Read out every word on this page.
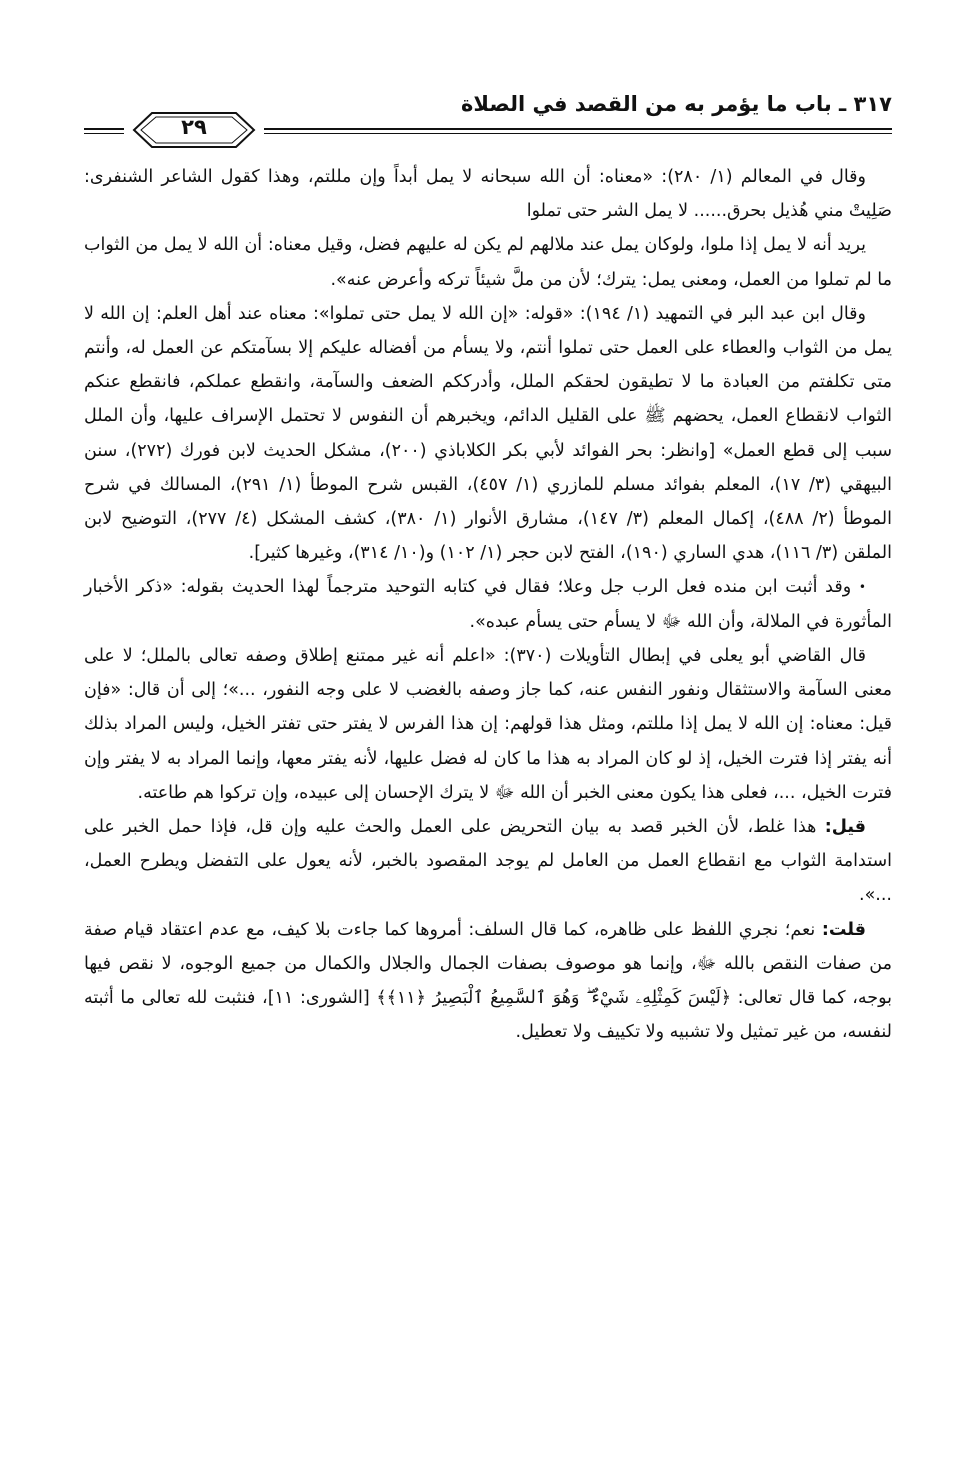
٣١٧ ـ باب ما يؤمر به من القصد في الصلاة
٢٩

وقال في المعالم (١/ ٢٨٠): «معناه: أن الله سبحانه لا يمل أبداً وإن مللتم، وهذا كقول الشاعر الشنفرى: صَلِيتْ مني هُذيل بحرق...... لا يمل الشر حتى تملوا

يريد أنه لا يمل إذا ملوا، ولوكان يمل عند ملالهم لم يكن له عليهم فضل، وقيل معناه: أن الله لا يمل من الثواب ما لم تملوا من العمل، ومعنى يمل: يترك؛ لأن من ملَّ شيئاً تركه وأعرض عنه».

وقال ابن عبد البر في التمهيد (١/ ١٩٤): «قوله: «إن الله لا يمل حتى تملوا»: معناه عند أهل العلم: إن الله لا يمل من الثواب والعطاء على العمل حتى تملوا أنتم، ولا يسأم من أفضاله عليكم إلا بسآمتكم عن العمل له، وأنتم متى تكلفتم من العبادة ما لا تطيقون لحقكم الملل، وأدرككم الضعف والسآمة، وانقطع عملكم، فانقطع عنكم الثواب لانقطاع العمل، يحضهم ﷺ على القليل الدائم، ويخبرهم أن النفوس لا تحتمل الإسراف عليها، وأن الملل سبب إلى قطع العمل» [وانظر: بحر الفوائد لأبي بكر الكلاباذي (٢٠٠)، مشكل الحديث لابن فورك (٢٧٢)، سنن البيهقي (٣/ ١٧)، المعلم بفوائد مسلم للمازري (١/ ٤٥٧)، القبس شرح الموطأ (١/ ٢٩١)، المسالك في شرح الموطأ (٢/ ٤٨٨)، إكمال المعلم (٣/ ١٤٧)، مشارق الأنوار (١/ ٣٨٠)، كشف المشكل (٤/ ٢٧٧)، التوضيح لابن الملقن (٣/ ١١٦)، هدي الساري (١٩٠)، الفتح لابن حجر (١/ ١٠٢) و(١٠/ ٣١٤)، وغيرها كثير].

• وقد أثبت ابن منده فعل الرب جل وعلا؛ فقال في كتابه التوحيد مترجماً لهذا الحديث بقوله: «ذكر الأخبار المأثورة في الملالة، وأن الله ﷻ لا يسأم حتى يسأم عبده».

قال القاضي أبو يعلى في إبطال التأويلات (٣٧٠): «اعلم أنه غير ممتنع إطلاق وصفه تعالى بالملل؛ لا على معنى السآمة والاستثقال ونفور النفس عنه، كما جاز وصفه بالغضب لا على وجه النفور، ...»؛ إلى أن قال: «فإن قيل: معناه: إن الله لا يمل إذا مللتم، ومثل هذا قولهم: إن هذا الفرس لا يفتر حتى تفتر الخيل، وليس المراد بذلك أنه يفتر إذا فترت الخيل، إذ لو كان المراد به هذا ما كان له فضل عليها، لأنه يفتر معها، وإنما المراد به لا يفتر وإن فترت الخيل، ...، فعلى هذا يكون معنى الخبر أن الله ﷻ لا يترك الإحسان إلى عبيده، وإن تركوا هم طاعته.

قيل: هذا غلط، لأن الخبر قصد به بيان التحريض على العمل والحث عليه وإن قل، فإذا حمل الخبر على استدامة الثواب مع انقطاع العمل من العامل لم يوجد المقصود بالخبر، لأنه يعول على التفضل ويطرح العمل، ...».

قلت: نعم؛ نجري اللفظ على ظاهره، كما قال السلف: أمروها كما جاءت بلا كيف، مع عدم اعتقاد قيام صفة من صفات النقص بالله ﷻ، وإنما هو موصوف بصفات الجمال والجلال والكمال من جميع الوجوه، لا نقص فيها بوجه، كما قال تعالى: ﴿لَيْسَ كَمِثْلِهِۦ شَيْءٌ ۖ وَهُوَ ٱلسَّمِيعُ ٱلْبَصِيرُ ﴿١١﴾﴾ [الشورى: ١١]، فنثبت لله تعالى ما أثبته لنفسه، من غير تمثيل ولا تشبيه ولا تكييف ولا تعطيل.
